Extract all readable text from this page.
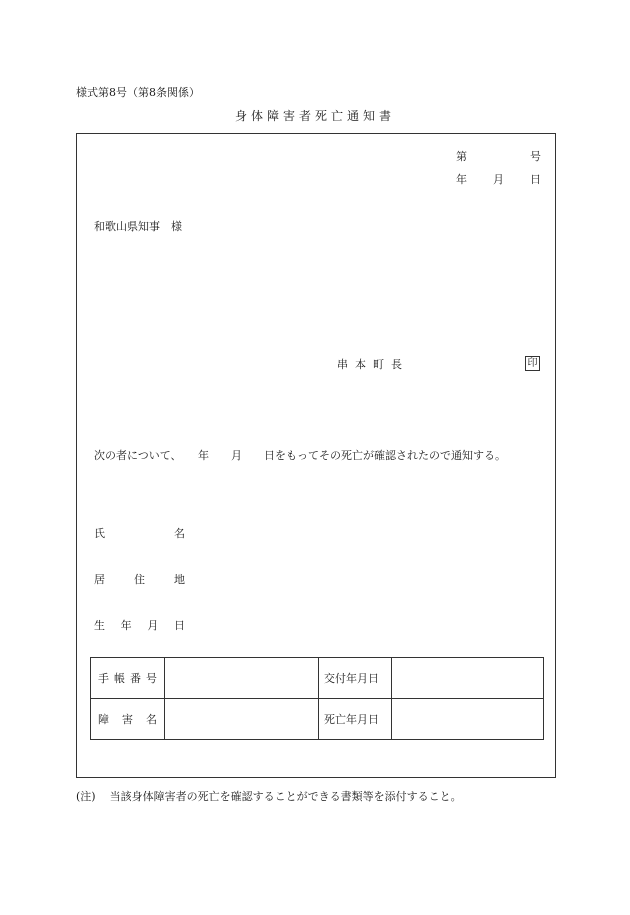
様式第8号（第8条関係）
身体障害者死亡通知書
第	号
年 月 日
和歌山県知事　様
串本町長	印
次の者について、　　年　　月　　日をもってその死亡が確認されたので通知する。
氏	名
居	住	地
生 年 月 日
手 帳 番 号		交付年月日	

障 害 名		死亡年月日	
(注) 当該身体障害者の死亡を確認することができる書類等を添付すること。
